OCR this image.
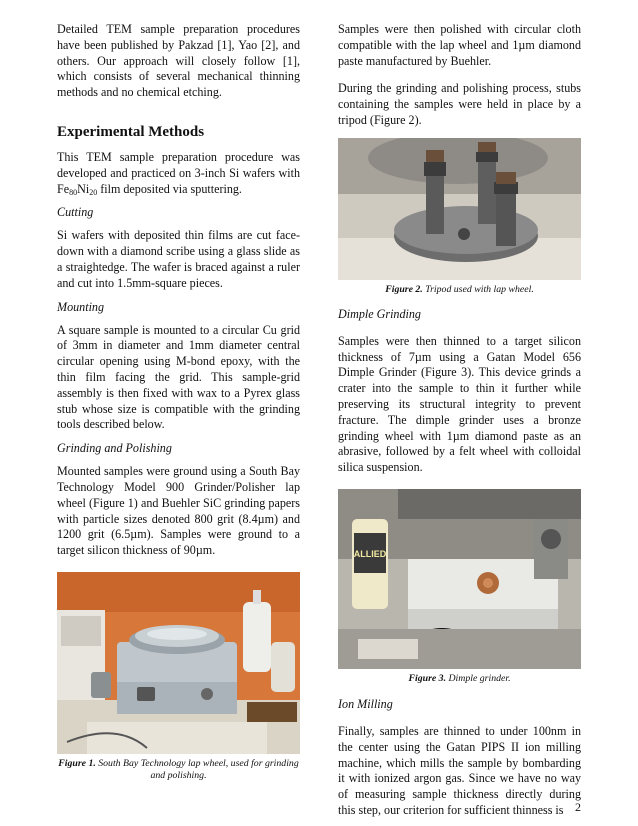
Detailed TEM sample preparation procedures have been published by Pakzad [1], Yao [2], and others. Our approach will closely follow [1], which consists of several mechanical thinning methods and no chemical etching.

Experimental Methods

This TEM sample preparation procedure was developed and practiced on 3-inch Si wafers with $Fe_{80}Ni_{20}$ film deposited via sputtering.

Cutting

Si wafers with deposited thin films are cut face-down with a diamond scribe using a glass slide as a straightedge. The wafer is braced against a ruler and cut into 1.5mm-square pieces.

Mounting

A square sample is mounted to a circular Cu grid of 3mm in diameter and 1mm diameter central circular opening using M-bond epoxy, with the thin film facing the grid. This sample-grid assembly is then fixed with wax to a Pyrex glass stub whose size is compatible with the grinding tools described below.

Grinding and Polishing

Mounted samples were ground using a South Bay Technology Model 900 Grinder/Polisher lap wheel (Figure 1) and Buehler SiC grinding papers with particle sizes denoted 800 grit (8.4µm) and 1200 grit (6.5µm). Samples were ground to a target silicon thickness of 90µm.

Figure 1. South Bay Technology lap wheel, used for grinding and polishing.

Samples were then polished with circular cloth compatible with the lap wheel and 1µm diamond paste manufactured by Buehler.

During the grinding and polishing process, stubs containing the samples were held in place by a tripod (Figure 2).

Figure 2. Tripod used with lap wheel.
Dimple Grinding

Samples were then thinned to a target silicon thickness of 7µm using a Gatan Model 656 Dimple Grinder (Figure 3). This device grinds a crater into the sample to thin it further while preserving its structural integrity to prevent fracture. The dimple grinder uses a bronze grinding wheel with 1µm diamond paste as an abrasive, followed by a felt wheel with colloidal silica suspension.

ALLIED
Figure 3. Dimple grinder.
Ion Milling

Finally, samples are thinned to under 100nm in the center using the Gatan PIPS II ion milling machine, which mills the sample by bombarding it with ionized argon gas. Since we have no way of measuring sample thickness directly during this step, our criterion for sufficient thinness is 2
